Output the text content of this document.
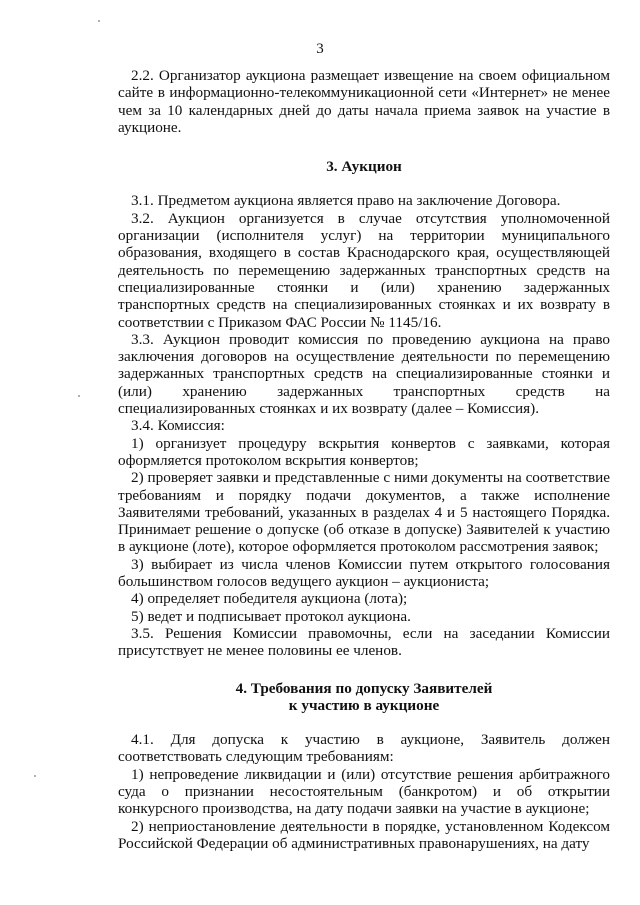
3

2.2. Организатор аукциона размещает извещение на своем официальном сайте в информационно-телекоммуникационной сети «Интернет» не менее чем за 10 календарных дней до даты начала приема заявок на участие в аукционе.

3. Аукцион

3.1. Предметом аукциона является право на заключение Договора.

3.2. Аукцион организуется в случае отсутствия уполномоченной организации (исполнителя услуг) на территории муниципального образования, входящего в состав Краснодарского края, осуществляющей деятельность по перемещению задержанных транспортных средств на специализированные стоянки и (или) хранению задержанных транспортных средств на специализированных стоянках и их возврату в соответствии с Приказом ФАС России № 1145/16.

3.3. Аукцион проводит комиссия по проведению аукциона на право заключения договоров на осуществление деятельности по перемещению задержанных транспортных средств на специализированные стоянки и (или) хранению задержанных транспортных средств на специализированных стоянках и их возврату (далее – Комиссия).

3.4. Комиссия:

1) организует процедуру вскрытия конвертов с заявками, которая оформляется протоколом вскрытия конвертов;

2) проверяет заявки и представленные с ними документы на соответствие требованиям и порядку подачи документов, а также исполнение Заявителями требований, указанных в разделах 4 и 5 настоящего Порядка. Принимает решение о допуске (об отказе в допуске) Заявителей к участию в аукционе (лоте), которое оформляется протоколом рассмотрения заявок;

3) выбирает из числа членов Комиссии путем открытого голосования большинством голосов ведущего аукцион – аукциониста;

4) определяет победителя аукциона (лота);

5) ведет и подписывает протокол аукциона.

3.5. Решения Комиссии правомочны, если на заседании Комиссии присутствует не менее половины ее членов.

4. Требования по допуску Заявителей
к участию в аукционе

4.1. Для допуска к участию в аукционе, Заявитель должен соответствовать следующим требованиям:

1) непроведение ликвидации и (или) отсутствие решения арбитражного суда о признании несостоятельным (банкротом) и об открытии конкурсного производства, на дату подачи заявки на участие в аукционе;

2) неприостановление деятельности в порядке, установленном Кодексом Российской Федерации об административных правонарушениях, на дату
